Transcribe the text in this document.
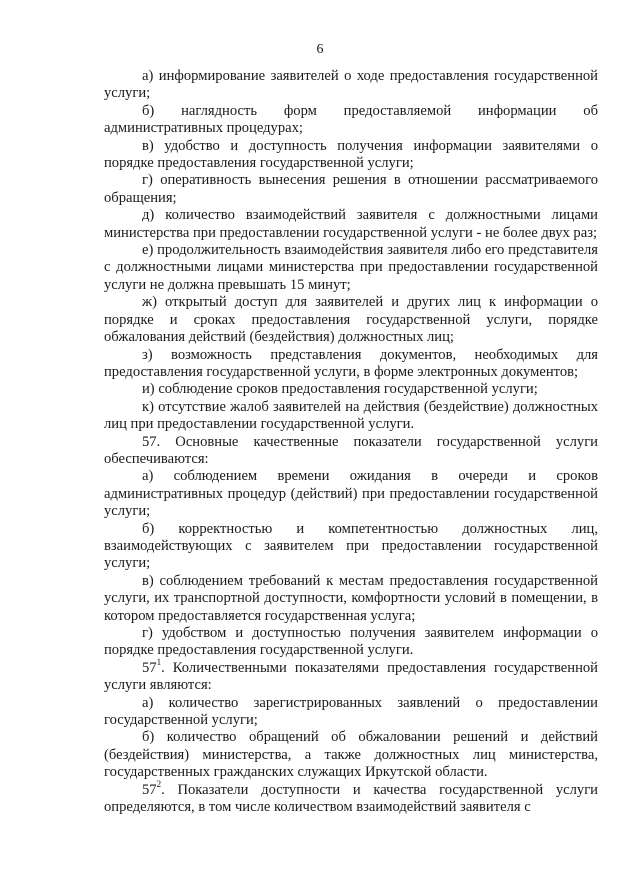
6

а) информирование заявителей о ходе предоставления государственной услуги;

б) наглядность форм предоставляемой информации об административных процедурах;

в) удобство и доступность получения информации заявителями о порядке предоставления государственной услуги;

г) оперативность вынесения решения в отношении рассматриваемого обращения;

д) количество взаимодействий заявителя с должностными лицами министерства при предоставлении государственной услуги - не более двух раз;

е) продолжительность взаимодействия заявителя либо его представителя с должностными лицами министерства при предоставлении государственной услуги не должна превышать 15 минут;

ж) открытый доступ для заявителей и других лиц к информации о порядке и сроках предоставления государственной услуги, порядке обжалования действий (бездействия) должностных лиц;

з) возможность представления документов, необходимых для предоставления государственной услуги, в форме электронных документов;

и) соблюдение сроков предоставления государственной услуги;

к) отсутствие жалоб заявителей на действия (бездействие) должностных лиц при предоставлении государственной услуги.

57. Основные качественные показатели государственной услуги обеспечиваются:

а) соблюдением времени ожидания в очереди и сроков административных процедур (действий) при предоставлении государственной услуги;

б) корректностью и компетентностью должностных лиц, взаимодействующих с заявителем при предоставлении государственной услуги;

в) соблюдением требований к местам предоставления государственной услуги, их транспортной доступности, комфортности условий в помещении, в котором предоставляется государственная услуга;

г) удобством и доступностью получения заявителем информации о порядке предоставления государственной услуги.

$57^1$. Количественными показателями предоставления государственной услуги являются:

а) количество зарегистрированных заявлений о предоставлении государственной услуги;

б) количество обращений об обжаловании решений и действий (бездействия) министерства, а также должностных лиц министерства, государственных гражданских служащих Иркутской области.

$57^2$. Показатели доступности и качества государственной услуги определяются, в том числе количеством взаимодействий заявителя с
